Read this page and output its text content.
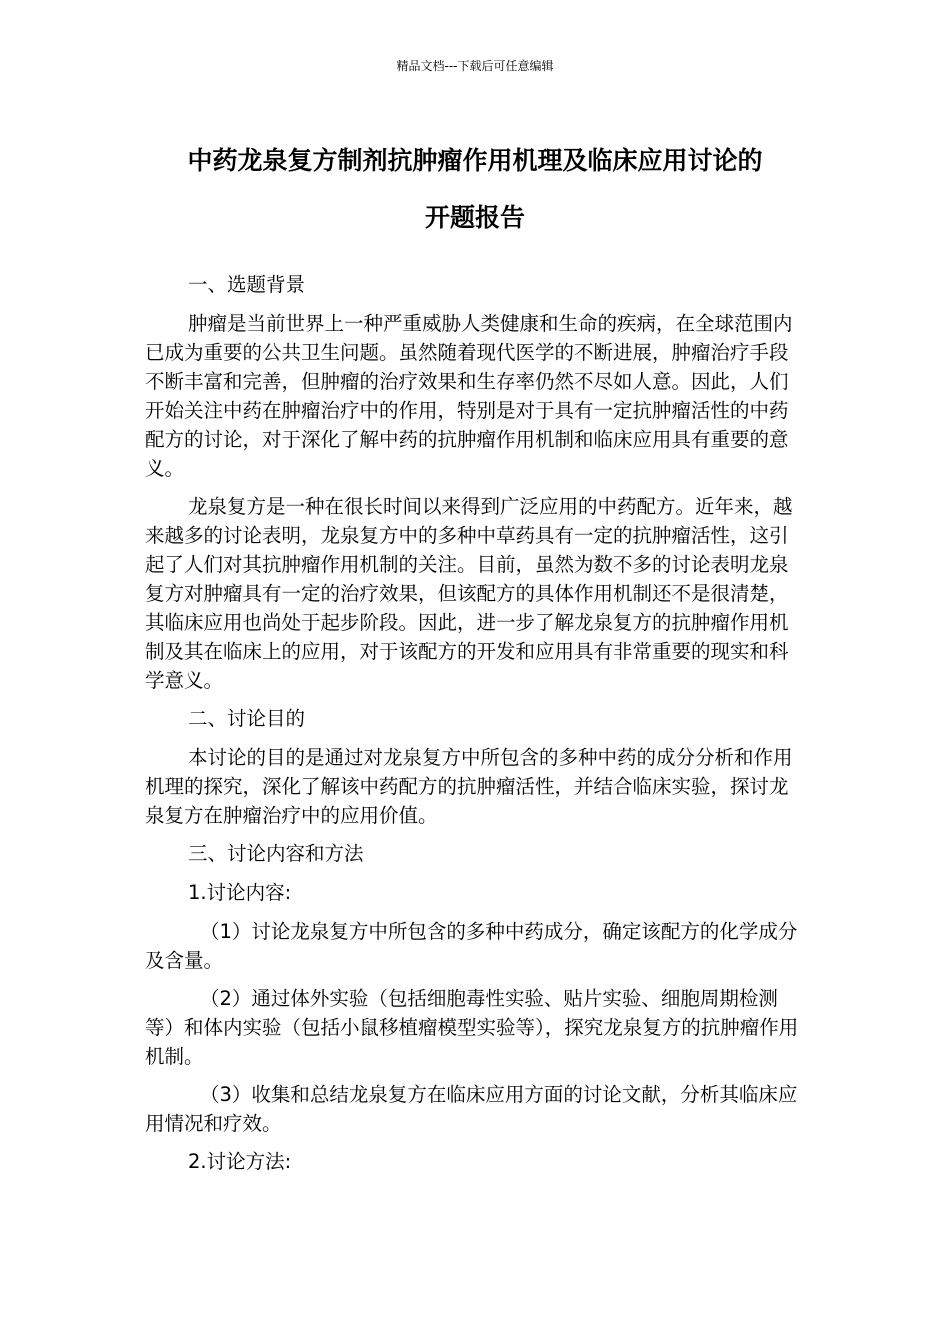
精品文档---下载后可任意编辑
中药龙泉复方制剂抗肿瘤作用机理及临床应用讨论的
开题报告

一、选题背景

肿瘤是当前世界上一种严重威胁人类健康和生命的疾病，在全球范围内已成为重要的公共卫生问题。虽然随着现代医学的不断进展，肿瘤治疗手段不断丰富和完善，但肿瘤的治疗效果和生存率仍然不尽如人意。因此，人们开始关注中药在肿瘤治疗中的作用，特别是对于具有一定抗肿瘤活性的中药配方的讨论，对于深化了解中药的抗肿瘤作用机制和临床应用具有重要的意义。

龙泉复方是一种在很长时间以来得到广泛应用的中药配方。近年来，越来越多的讨论表明，龙泉复方中的多种中草药具有一定的抗肿瘤活性，这引起了人们对其抗肿瘤作用机制的关注。目前，虽然为数不多的讨论表明龙泉复方对肿瘤具有一定的治疗效果，但该配方的具体作用机制还不是很清楚，其临床应用也尚处于起步阶段。因此，进一步了解龙泉复方的抗肿瘤作用机制及其在临床上的应用，对于该配方的开发和应用具有非常重要的现实和科学意义。

二、讨论目的

本讨论的目的是通过对龙泉复方中所包含的多种中药的成分分析和作用机理的探究，深化了解该中药配方的抗肿瘤活性，并结合临床实验，探讨龙泉复方在肿瘤治疗中的应用价值。

三、讨论内容和方法

1.讨论内容:

（1）讨论龙泉复方中所包含的多种中药成分，确定该配方的化学成分及含量。

（2）通过体外实验（包括细胞毒性实验、贴片实验、细胞周期检测等）和体内实验（包括小鼠移植瘤模型实验等），探究龙泉复方的抗肿瘤作用机制。

（3）收集和总结龙泉复方在临床应用方面的讨论文献，分析其临床应用情况和疗效。

2.讨论方法:
